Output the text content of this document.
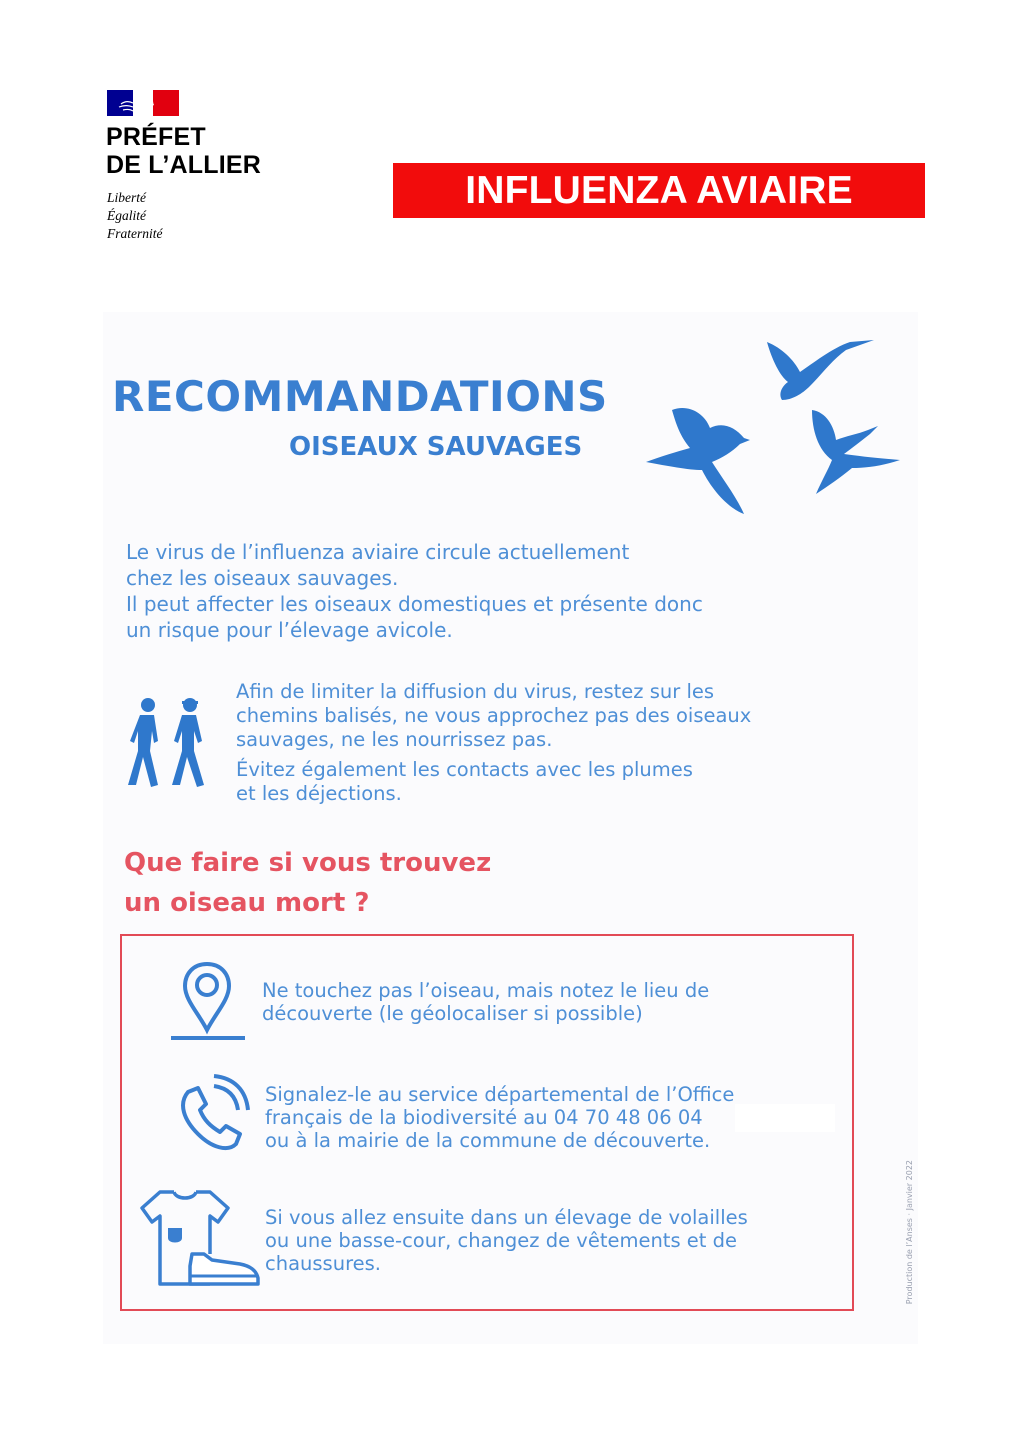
PRÉFET
DE L’ALLIER
Liberté
Égalité
Fraternité
INFLUENZA AVIAIRE
RECOMMANDATIONS
OISEAUX SAUVAGES
Le virus de l’influenza aviaire circule actuellement
chez les oiseaux sauvages.
Il peut affecter les oiseaux domestiques et présente donc
un risque pour l’élevage avicole.
Afin de limiter la diffusion du virus, restez sur les
chemins balisés, ne vous approchez pas des oiseaux
sauvages, ne les nourrissez pas.
Évitez également les contacts avec les plumes
et les déjections.
Que faire si vous trouvez
un oiseau mort ?
Ne touchez pas l’oiseau, mais notez le lieu de
découverte (le géolocaliser si possible)
Signalez-le au service départemental de l’Office
français de la biodiversité au 04 70 48 06 04
ou à la mairie de la commune de découverte.
Si vous allez ensuite dans un élevage de volailles
ou une basse-cour, changez de vêtements et de
chaussures.	Production de l’Anses · Janvier 2022
